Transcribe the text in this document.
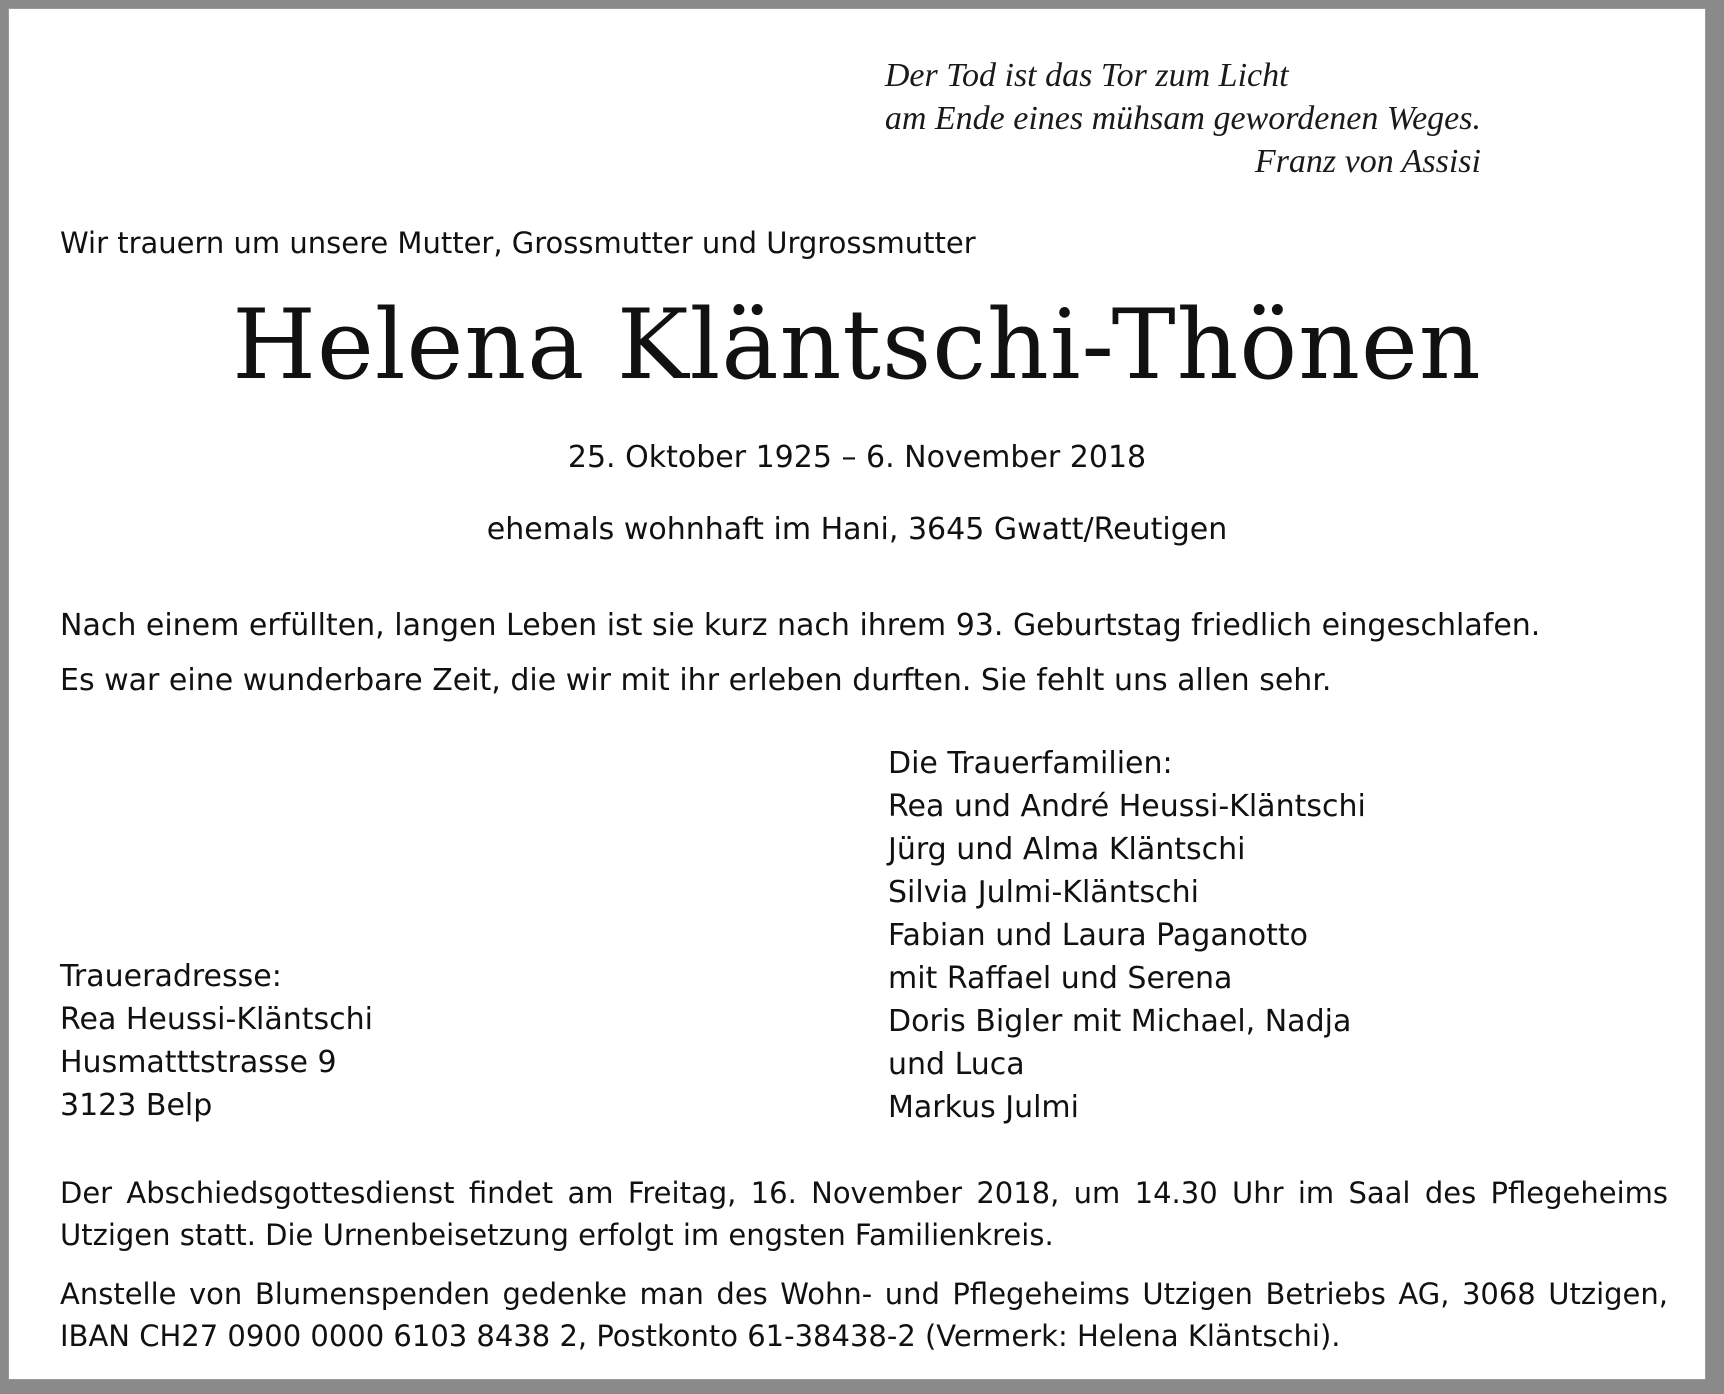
Der Tod ist das Tor zum Licht
am Ende eines mühsam gewordenen Weges.
Franz von Assisi
Wir trauern um unsere Mutter, Grossmutter und Urgrossmutter
Helena Kläntschi-Thönen
25. Oktober 1925 – 6. November 2018
ehemals wohnhaft im Hani, 3645 Gwatt/Reutigen
Nach einem erfüllten, langen Leben ist sie kurz nach ihrem 93. Geburtstag friedlich eingeschlafen.
Es war eine wunderbare Zeit, die wir mit ihr erleben durften. Sie fehlt uns allen sehr.
Die Trauerfamilien:
Rea und André Heussi-Kläntschi
Jürg und Alma Kläntschi
Silvia Julmi-Kläntschi
Fabian und Laura Paganotto
mit Raffael und Serena
Doris Bigler mit Michael, Nadja
und Luca
Markus Julmi
Traueradresse:
Rea Heussi-Kläntschi
Husmatttstrasse 9
3123 Belp
Der Abschiedsgottesdienst findet am Freitag, 16. November 2018, um 14.30 Uhr im Saal des Pflegeheims
Utzigen statt. Die Urnenbeisetzung erfolgt im engsten Familienkreis.
Anstelle von Blumenspenden gedenke man des Wohn- und Pflegeheims Utzigen Betriebs AG, 3068 Utzigen,
IBAN CH27 0900 0000 6103 8438 2, Postkonto 61-38438-2 (Vermerk: Helena Kläntschi).
